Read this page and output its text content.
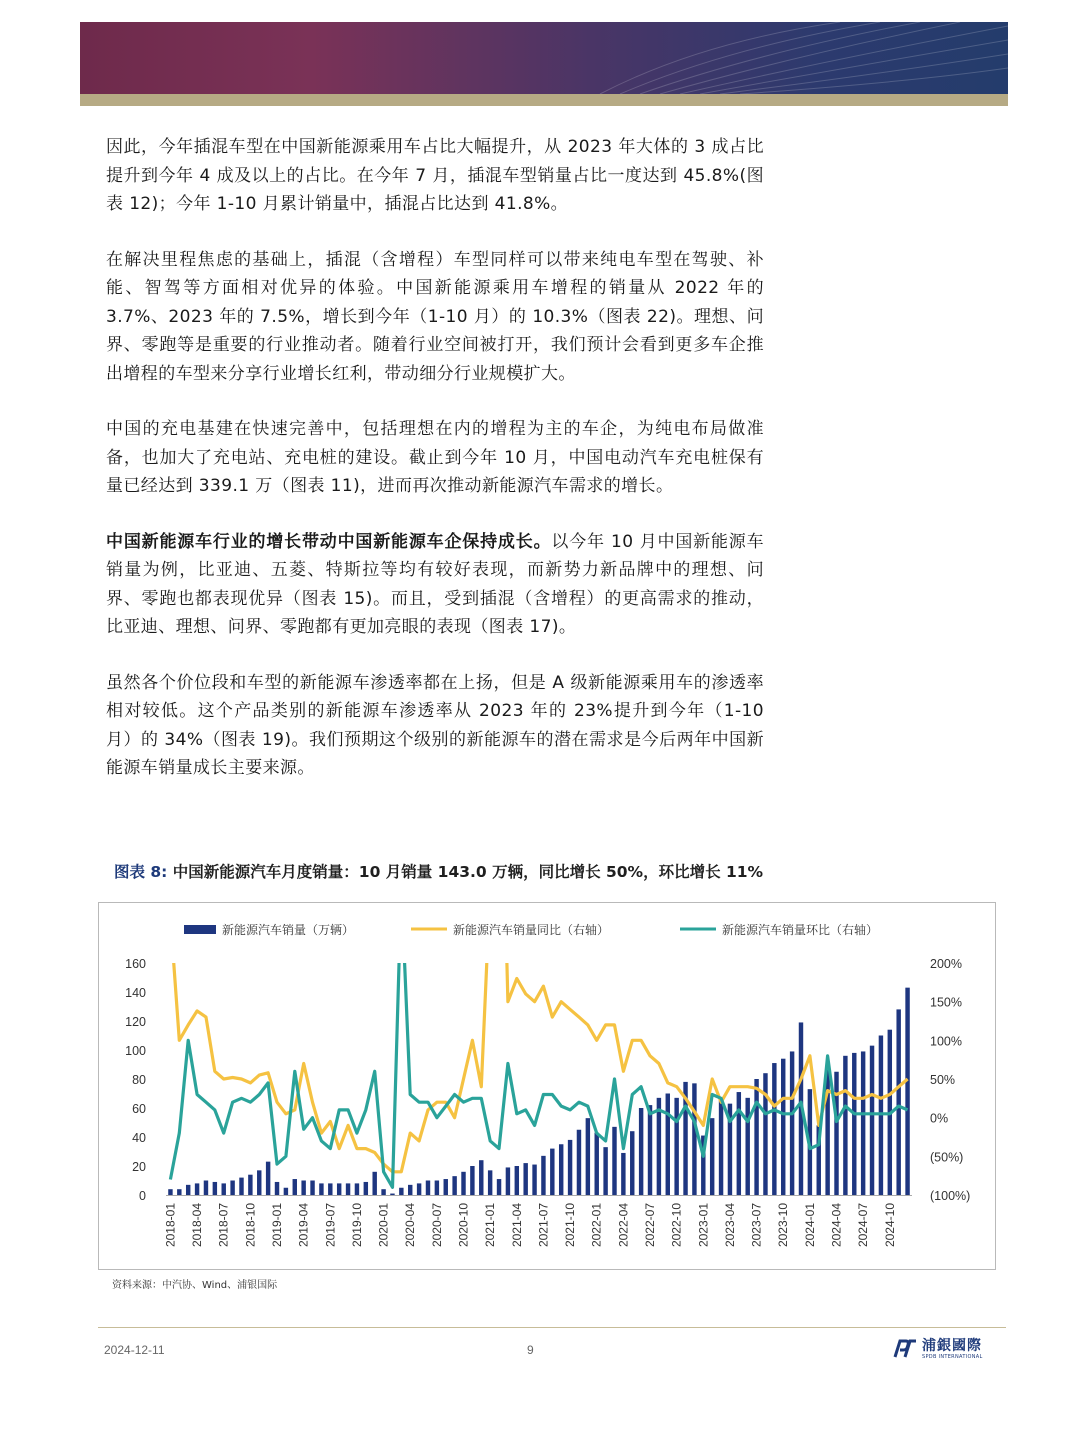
因此，今年插混车型在中国新能源乘用车占比大幅提升，从 2023 年大体的 3 成占比提升到今年 4 成及以上的占比。在今年 7 月，插混车型销量占比一度达到 45.8%(图表 12)；今年 1-10 月累计销量中，插混占比达到 41.8%。

在解决里程焦虑的基础上，插混（含增程）车型同样可以带来纯电车型在驾驶、补能、智驾等方面相对优异的体验。中国新能源乘用车增程的销量从 2022 年的 3.7%、2023 年的 7.5%，增长到今年（1-10 月）的 10.3%（图表 22)。理想、问界、零跑等是重要的行业推动者。随着行业空间被打开，我们预计会看到更多车企推出增程的车型来分享行业增长红利，带动细分行业规模扩大。

中国的充电基建在快速完善中，包括理想在内的增程为主的车企，为纯电布局做准备，也加大了充电站、充电桩的建设。截止到今年 10 月，中国电动汽车充电桩保有量已经达到 339.1 万（图表 11)，进而再次推动新能源汽车需求的增长。

中国新能源车行业的增长带动中国新能源车企保持成长。以今年 10 月中国新能源车销量为例，比亚迪、五菱、特斯拉等均有较好表现，而新势力新品牌中的理想、问界、零跑也都表现优异（图表 15)。而且，受到插混（含增程）的更高需求的推动，比亚迪、理想、问界、零跑都有更加亮眼的表现（图表 17)。

虽然各个价位段和车型的新能源车渗透率都在上扬，但是 A 级新能源乘用车的渗透率相对较低。这个产品类别的新能源车渗透率从 2023 年的 23%提升到今年（1-10 月）的 34%（图表 19)。我们预期这个级别的新能源车的潜在需求是今后两年中国新能源车销量成长主要来源。

图表 8: 中国新能源汽车月度销量：10 月销量 143.0 万辆，同比增长 50%，环比增长 11%
新能源汽车销量（万辆）	新能源汽车销量同比（右轴）	新能源汽车销量环比（右轴）
0
20
40
60
80
100
120
140
160
(100%)
(50%)
0%
50%
100%
150%
200%
2018-01 2018-04 2018-07 2018-10 2019-01 2019-04 2019-07 2019-10 2020-01 2020-04 2020-07 2020-10 2021-01 2021-04 2021-07 2021-10 2022-01 2022-04 2022-07 2022-10 2023-01 2023-04 2023-07 2023-10 2024-01 2024-04 2024-07 2024-10
资料来源：中汽协、Wind、浦银国际
2024-12-11	9	浦銀國際
SPDB INTERNATIONAL
